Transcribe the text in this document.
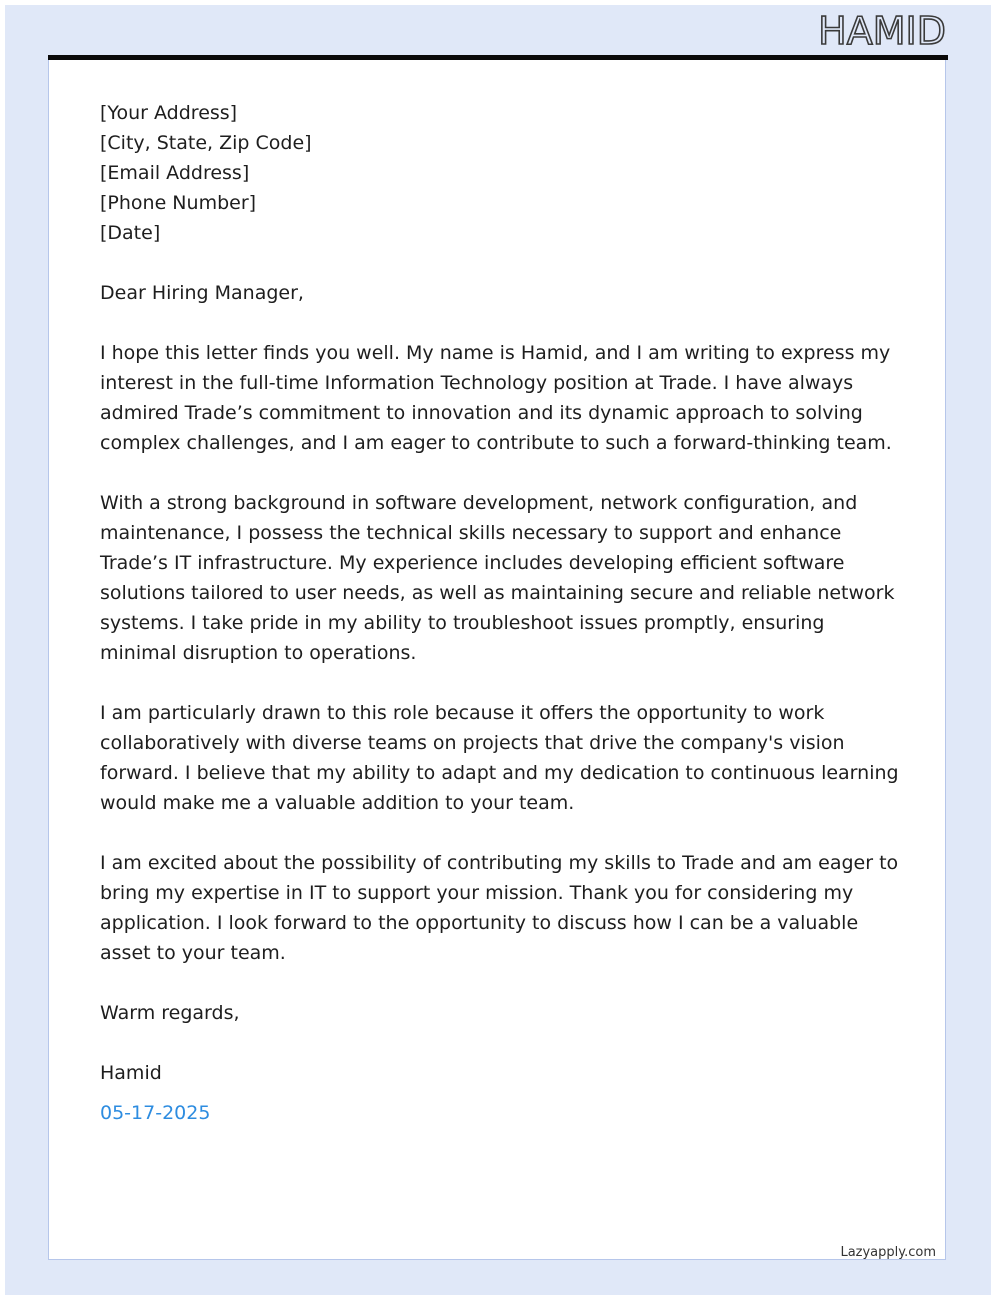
HAMID

[Your Address]
[City, State, Zip Code]
[Email Address]
[Phone Number]
[Date]

Dear Hiring Manager,

I hope this letter finds you well. My name is Hamid, and I am writing to express my interest in the full-time Information Technology position at Trade. I have always admired Trade’s commitment to innovation and its dynamic approach to solving complex challenges, and I am eager to contribute to such a forward-thinking team.

With a strong background in software development, network configuration, and maintenance, I possess the technical skills necessary to support and enhance Trade’s IT infrastructure. My experience includes developing efficient software solutions tailored to user needs, as well as maintaining secure and reliable network systems. I take pride in my ability to troubleshoot issues promptly, ensuring minimal disruption to operations.

I am particularly drawn to this role because it offers the opportunity to work collaboratively with diverse teams on projects that drive the company's vision forward. I believe that my ability to adapt and my dedication to continuous learning would make me a valuable addition to your team.

I am excited about the possibility of contributing my skills to Trade and am eager to bring my expertise in IT to support your mission. Thank you for considering my application. I look forward to the opportunity to discuss how I can be a valuable asset to your team.

Warm regards,

Hamid
05-17-2025

Lazyapply.com
